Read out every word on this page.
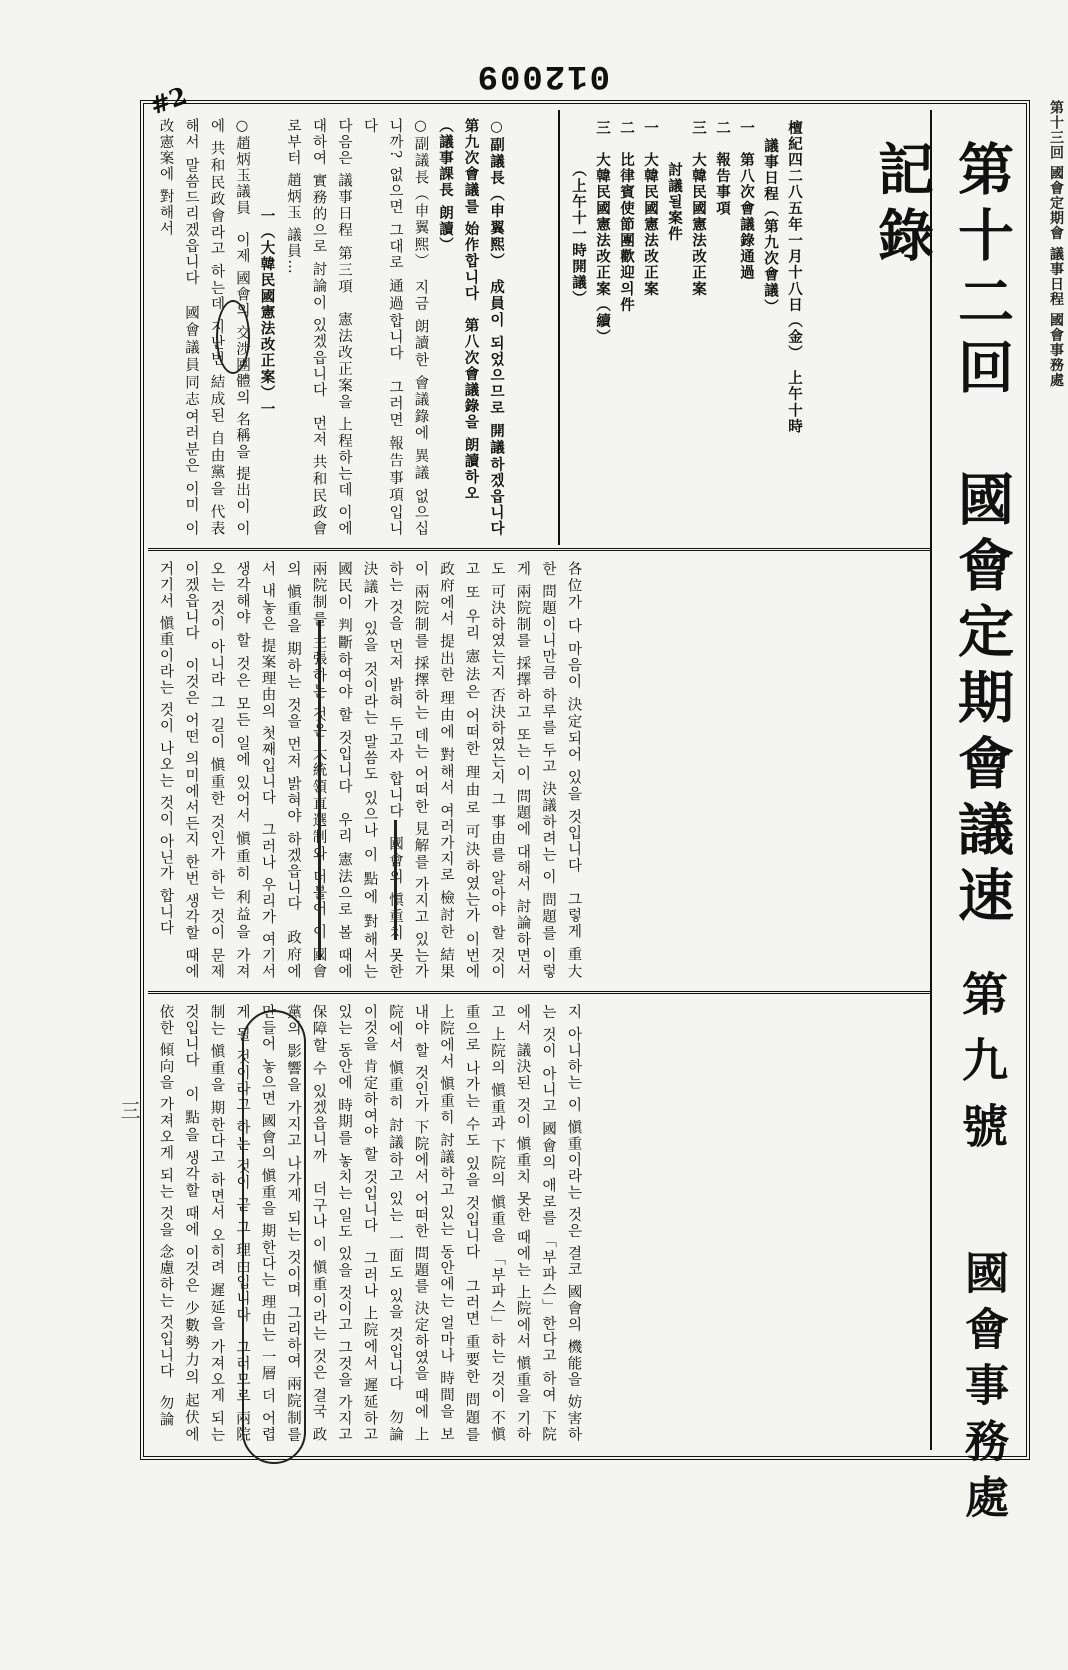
012009
#2	第十三回 國會定期會 議事日程 國會事務處
三
第十二回　國會定期會議速記錄
第九號
國會事務處
檀紀四二八五年一月十八日（金）　上午十時
議事日程（第九次會議）
一　第八次會議錄通過
二　報告事項
三　大韓民國憲法改正案
討議될案件
一　大韓民國憲法改正案
二　比律賓使節團歡迎의件
三　大韓民國憲法改正案（續）
（上午十一時開議）

○副議長（申翼熙）　成員이 되었으므로 開議하겠읍니다　第九次會議를 始作합니다　第八次會議錄을 朗讀하오

（議事課長 朗讀）

○副議長（申翼熙）　지금 朗讀한 會議錄에 異議 없으십니까? 없으면 그대로 通過합니다　그러면 報告事項입니다

다음은 議事日程 第三項　憲法改正案을 上程하는데 이에 대하여 實務的으로 討論이 있겠읍니다　먼저 共和民政會로부터 趙炳玉 議員…

一（大韓民國憲法改正案）一

○趙炳玉議員　이제 國會의 交涉團體의 名稱을 提出이 이에 共和民政會라고 하는데 지난번 結成된 自由黨을 代表해서 말씀드리겠읍니다　國會議員同志여러분은 이미 이 改憲案에 對해서

各位가 다 마음이 決定되어 있을 것입니다　그렇게 重大한 問題이니만큼 하루를 두고 決議하려는 이 問題를 이렇게 兩院制를 採擇하고 또는 이 問題에 대해서 討論하면서도 可決하였는지 否決하였는지 그 事由를 알아야 할 것이고 또 우리 憲法은 어떠한 理由로 可決하였는가 이번에 政府에서 提出한 理由에 對해서 여러가지로 檢討한 結果 이 兩院制를 採擇하는 데는 어떠한 見解를 가지고 있는가 하는 것을 먼저 밝혀 두고자 합니다　國會의 愼重치 못한 決議가 있을 것이라는 말씀도 있으나 이 點에 對해서는 國民이 判斷하여야 할 것입니다　우리 憲法으로 볼 때에 兩院制를 主張하는 것은 大統領直選制와 더불어 이 國會의 愼重을 期하는 것을 먼저 밝혀야 하겠읍니다　政府에서 내놓은 提案理由의 첫째입니다　그러나 우리가 여기서 생각해야 할 것은 모든 일에 있어서 愼重히 利益을 가져오는 것이 아니라 그 길이 愼重한 것인가 하는 것이 문제이겠읍니다　이것은 어떤 의미에서든지 한번 생각할 때에 거기서 愼重이라는 것이 나오는 것이 아닌가 합니다
지 아니하는 이 愼重이라는 것은 결코 國會의 機能을 妨害하는 것이 아니고 國會의 애로를 「부파스」한다고 하여 下院에서 議決된 것이 愼重치 못한 때에는 上院에서 愼重을 기하고 上院의 愼重과 下院의 愼重을 「부파스」하는 것이 不愼重으로 나가는 수도 있을 것입니다　그러면 重要한 問題를 上院에서 愼重히 討議하고 있는 동안에는 얼마나 時間을 보내야 할 것인가 下院에서 어떠한 問題를 決定하였을 때에 上院에서 愼重히 討議하고 있는 一面도 있을 것입니다　勿論 이것을 肯定하여야 할 것입니다　그러나 上院에서 遲延하고 있는 동안에 時期를 놓치는 일도 있을 것이고 그것을 가지고 保障할 수 있겠읍니까　더구나 이 愼重이라는 것은 결국 政黨의 影響을 가지고 나가게 되는 것이며 그리하여 兩院制를 만들어 놓으면 國會의 愼重을 期한다는 理由는 一層 더 어렵게 될 것이라고 하는 것이 곧 그 理由입니다　그러므로 兩院制는 愼重을 期한다고 하면서 오히려 遲延을 가져오게 되는 것입니다　이 點을 생각할 때에 이것은 少數勢力의 起伏에 依한 傾向을 가져오게 되는 것을 念慮하는 것입니다　勿論
